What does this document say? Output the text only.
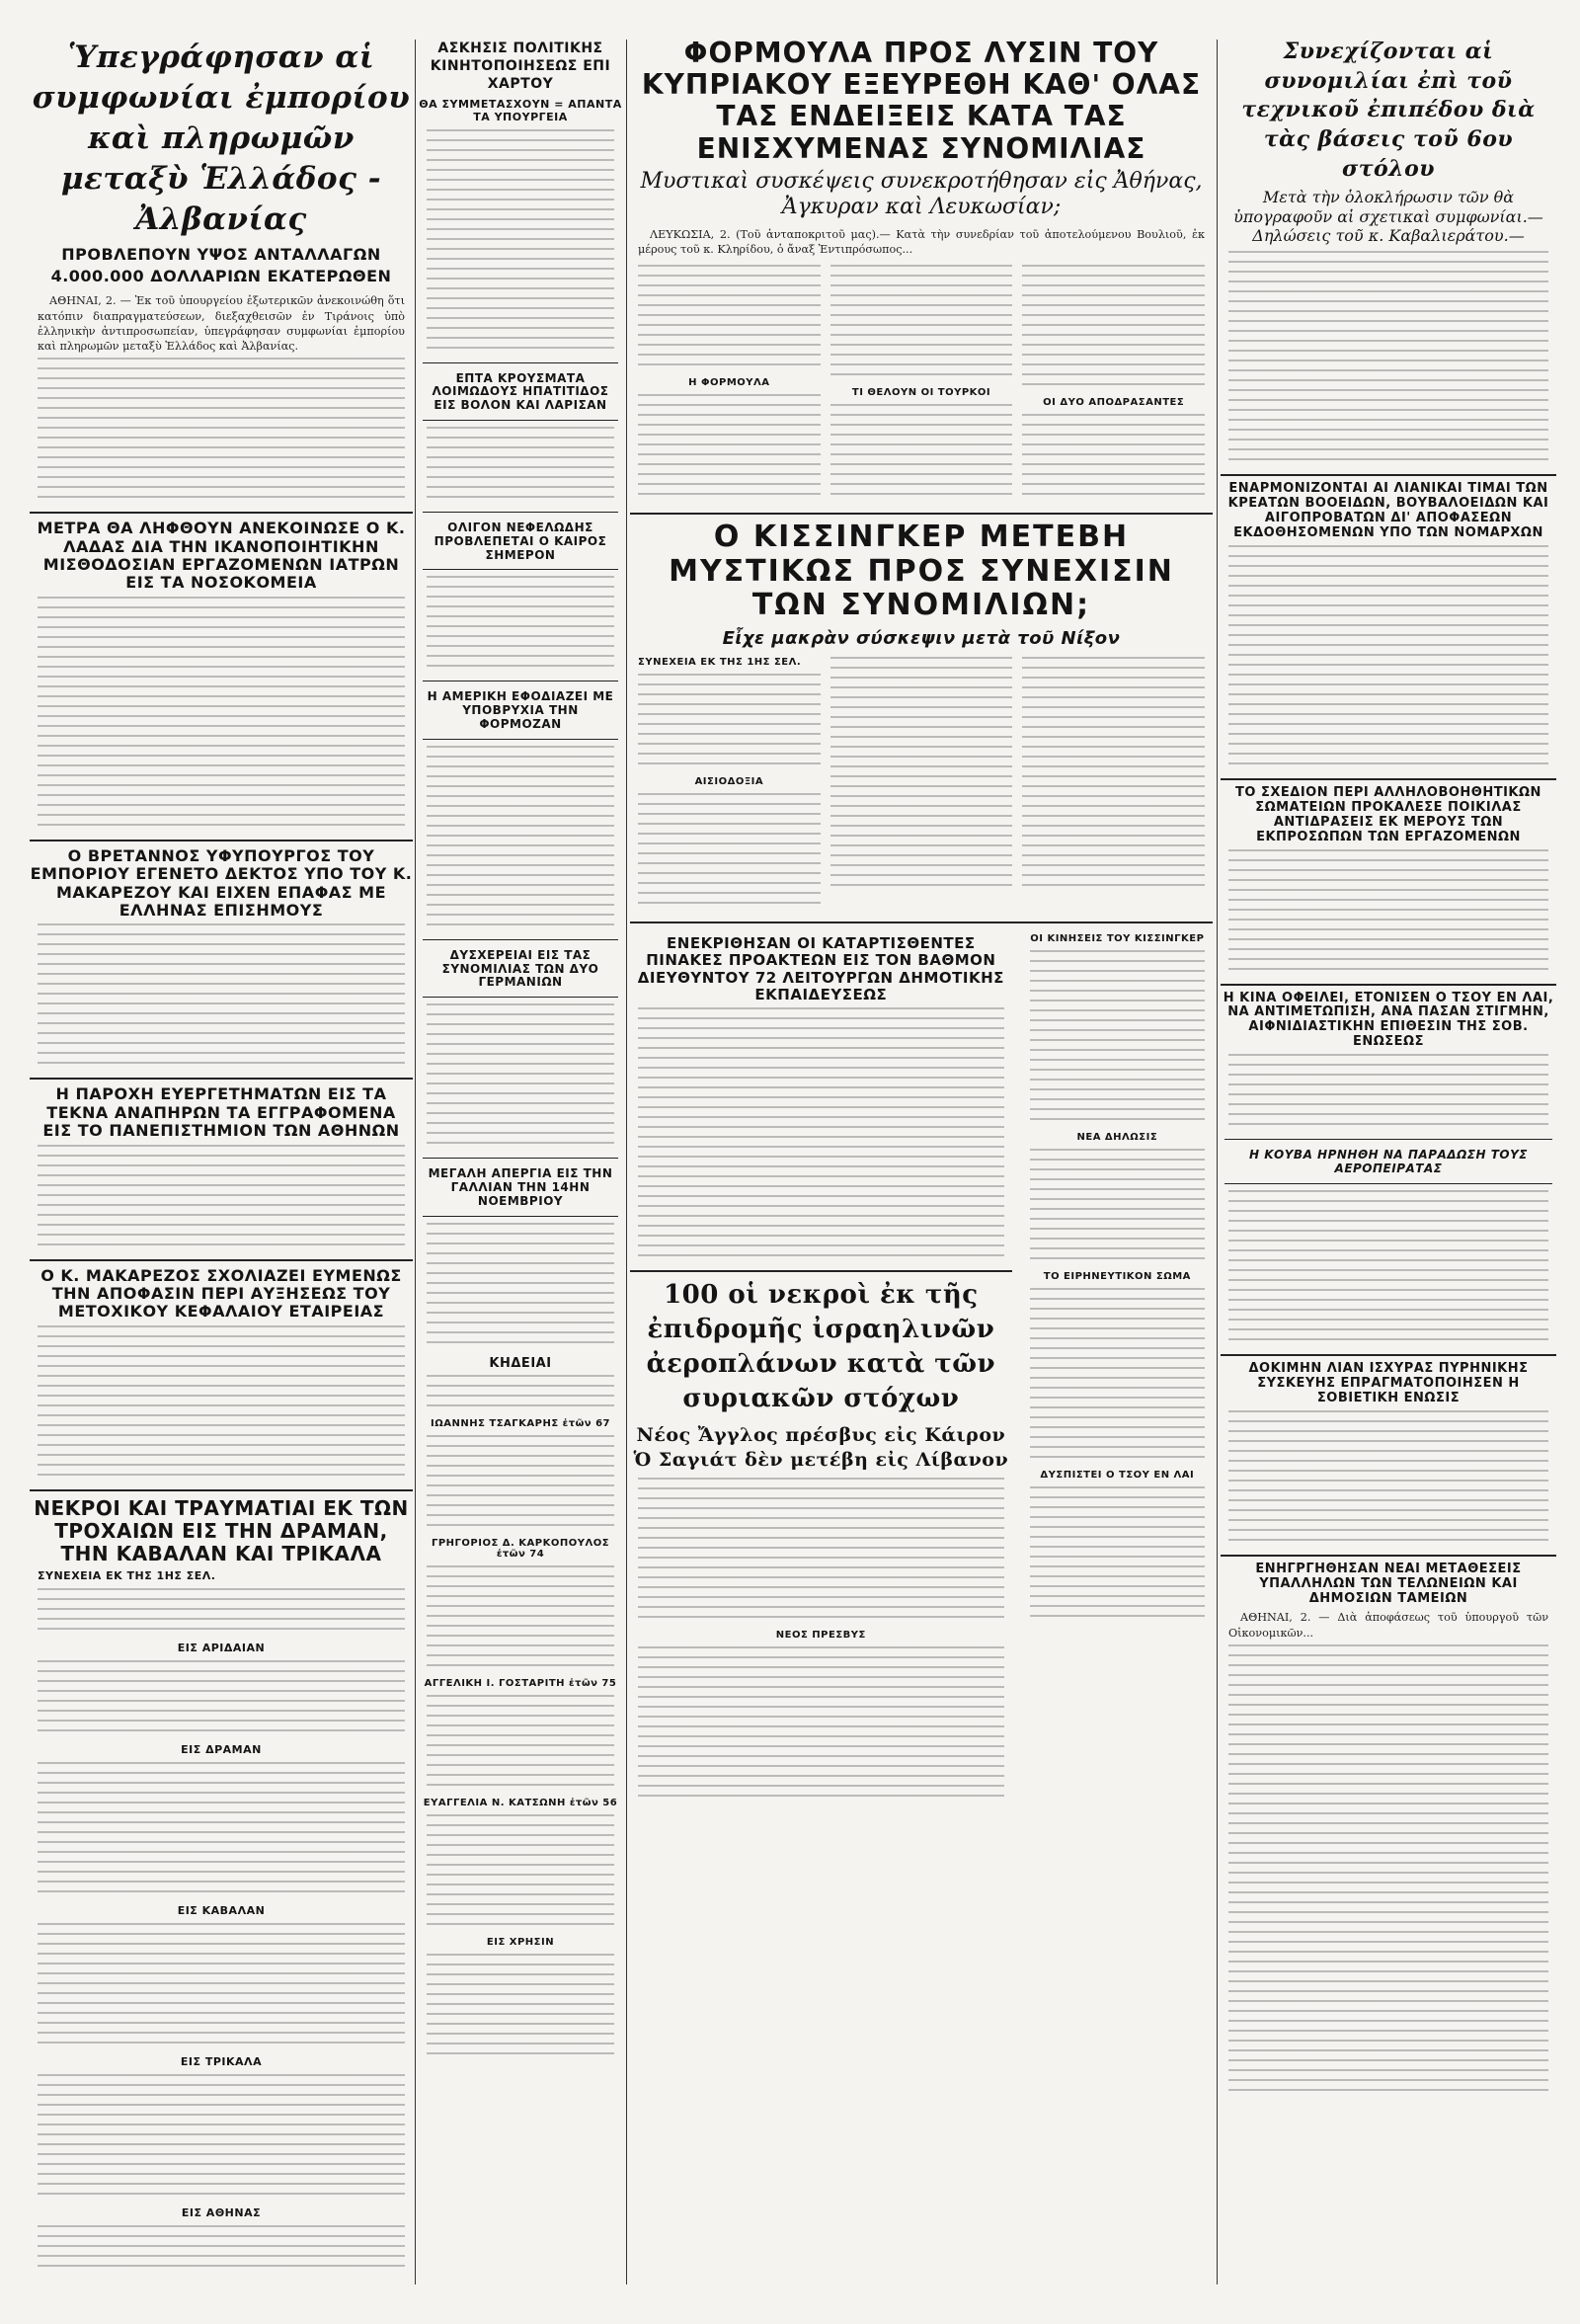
Ὑπεγράφησαν αἱ συμφωνίαι ἐμπορίου καὶ πληρωμῶν μεταξὺ Ἑλλάδος - Ἀλβανίας
ΠΡΟΒΛΕΠΟΥΝ ΥΨΟΣ ΑΝΤΑΛΛΑΓΩΝ 4.000.000 ΔΟΛΛΑΡΙΩΝ ΕΚΑΤΕΡΩΘΕΝ

ΑΘΗΝΑΙ, 2. — Ἐκ τοῦ ὑπουργείου ἐξωτερικῶν ἀνεκοινώθη ὅτι κατόπιν διαπραγματεύσεων, διεξαχθεισῶν ἐν Τιράνοις ὑπὸ ἑλληνικὴν ἀντιπροσωπείαν, ὑπεγράφησαν συμφωνίαι ἐμπορίου καὶ πληρωμῶν μεταξὺ Ἑλλάδος καὶ Ἀλβανίας.

ΜΕΤΡΑ ΘΑ ΛΗΦΘΟΥΝ ΑΝΕΚΟΙΝΩΣΕ Ο Κ. ΛΑΔΑΣ ΔΙΑ ΤΗΝ ΙΚΑΝΟΠΟΙΗΤΙΚΗΝ ΜΙΣΘΟΔΟΣΙΑΝ ΕΡΓΑΖΟΜΕΝΩΝ ΙΑΤΡΩΝ ΕΙΣ ΤΑ ΝΟΣΟΚΟΜΕΙΑ
Ο ΒΡΕΤΑΝΝΟΣ ΥΦΥΠΟΥΡΓΟΣ ΤΟΥ ΕΜΠΟΡΙΟΥ ΕΓΕΝΕΤΟ ΔΕΚΤΟΣ ΥΠΟ ΤΟΥ Κ. ΜΑΚΑΡΕΖΟΥ ΚΑΙ ΕΙΧΕΝ ΕΠΑΦΑΣ ΜΕ ΕΛΛΗΝΑΣ ΕΠΙΣΗΜΟΥΣ
Η ΠΑΡΟΧΗ ΕΥΕΡΓΕΤΗΜΑΤΩΝ ΕΙΣ ΤΑ ΤΕΚΝΑ ΑΝΑΠΗΡΩΝ ΤΑ ΕΓΓΡΑΦΟΜΕΝΑ ΕΙΣ ΤΟ ΠΑΝΕΠΙΣΤΗΜΙΟΝ ΤΩΝ ΑΘΗΝΩΝ
Ο Κ. ΜΑΚΑΡΕΖΟΣ ΣΧΟΛΙΑΖΕΙ ΕΥΜΕΝΩΣ ΤΗΝ ΑΠΟΦΑΣΙΝ ΠΕΡΙ ΑΥΞΗΣΕΩΣ ΤΟΥ ΜΕΤΟΧΙΚΟΥ ΚΕΦΑΛΑΙΟΥ ΕΤΑΙΡΕΙΑΣ
ΝΕΚΡΟΙ ΚΑΙ ΤΡΑΥΜΑΤΙΑΙ ΕΚ ΤΩΝ ΤΡΟΧΑΙΩΝ ΕΙΣ ΤΗΝ ΔΡΑΜΑΝ, ΤΗΝ ΚΑΒΑΛΑΝ ΚΑΙ ΤΡΙΚΑΛΑ
ΣΥΝΕΧΕΙΑ ΕΚ ΤΗΣ 1ΗΣ ΣΕΛ.
ΕΙΣ ΑΡΙΔΑΙΑΝ
ΕΙΣ ΔΡΑΜΑΝ
ΕΙΣ ΚΑΒΑΛΑΝ
ΕΙΣ ΤΡΙΚΑΛΑ
ΕΙΣ ΑΘΗΝΑΣ
ΑΣΚΗΣΙΣ ΠΟΛΙΤΙΚΗΣ ΚΙΝΗΤΟΠΟΙΗΣΕΩΣ ΕΠΙ ΧΑΡΤΟΥ
ΘΑ ΣΥΜΜΕΤΑΣΧΟΥΝ = ΑΠΑΝΤΑ ΤΑ ΥΠΟΥΡΓΕΙΑ
ΕΠΤΑ ΚΡΟΥΣΜΑΤΑ ΛΟΙΜΩΔΟΥΣ ΗΠΑΤΙΤΙΔΟΣ ΕΙΣ ΒΟΛΟΝ ΚΑΙ ΛΑΡΙΣΑΝ
ΟΛΙΓΟΝ ΝΕΦΕΛΩΔΗΣ ΠΡΟΒΛΕΠΕΤΑΙ Ο ΚΑΙΡΟΣ ΣΗΜΕΡΟΝ
Η ΑΜΕΡΙΚΗ ΕΦΟΔΙΑΖΕΙ ΜΕ ΥΠΟΒΡΥΧΙΑ ΤΗΝ ΦΟΡΜΟΖΑΝ
ΔΥΣΧΕΡΕΙΑΙ ΕΙΣ ΤΑΣ ΣΥΝΟΜΙΛΙΑΣ ΤΩΝ ΔΥΟ ΓΕΡΜΑΝΙΩΝ
ΜΕΓΑΛΗ ΑΠΕΡΓΙΑ ΕΙΣ ΤΗΝ ΓΑΛΛΙΑΝ ΤΗΝ 14ΗΝ ΝΟΕΜΒΡΙΟΥ
ΚΗΔΕΙΑΙ
ΙΩΑΝΝΗΣ ΤΣΑΓΚΑΡΗΣ ἐτῶν 67
ΓΡΗΓΟΡΙΟΣ Δ. ΚΑΡΚΟΠΟΥΛΟΣ ἐτῶν 74
ΑΓΓΕΛΙΚΗ Ι. ΓΟΣΤΑΡΙΤΗ ἐτῶν 75
ΕΥΑΓΓΕΛΙΑ Ν. ΚΑΤΣΩΝΗ ἐτῶν 56
ΕΙΣ ΧΡΗΣΙΝ
ΦΟΡΜΟΥΛΑ ΠΡΟΣ ΛΥΣΙΝ ΤΟΥ ΚΥΠΡΙΑΚΟΥ ΕΞΕΥΡΕΘΗ ΚΑΘ' ΟΛΑΣ ΤΑΣ ΕΝΔΕΙΞΕΙΣ ΚΑΤΑ ΤΑΣ ΕΝΙΣΧΥΜΕΝΑΣ ΣΥΝΟΜΙΛΙΑΣ
Μυστικαὶ συσκέψεις συνεκροτήθησαν εἰς Ἀθήνας, Ἀγκυραν καὶ Λευκωσίαν;

ΛΕΥΚΩΣΙΑ, 2. (Τοῦ ἀνταποκριτοῦ μας).— Κατὰ τὴν συνεδρίαν τοῦ ἀποτελούμενου Βουλιοῦ, ἐκ μέρους τοῦ κ. Κληρίδου, ὁ ἄναξ Ἐντιπρόσωπος...

Η ΦΟΡΜΟΥΛΑ
ΤΙ ΘΕΛΟΥΝ ΟΙ ΤΟΥΡΚΟΙ
ΟΙ ΔΥΟ ΑΠΟΔΡΑΣΑΝΤΕΣ
Ο ΚΙΣΣΙΝΓΚΕΡ ΜΕΤΕΒΗ ΜΥΣΤΙΚΩΣ ΠΡΟΣ ΣΥΝΕΧΙΣΙΝ ΤΩΝ ΣΥΝΟΜΙΛΙΩΝ;
Εἶχε μακρὰν σύσκεψιν μετὰ τοῦ Νίξον
ΣΥΝΕΧΕΙΑ ΕΚ ΤΗΣ 1ΗΣ ΣΕΛ.
ΑΙΣΙΟΔΟΞΙΑ
ΕΝΕΚΡΙΘΗΣΑΝ ΟΙ ΚΑΤΑΡΤΙΣΘΕΝΤΕΣ ΠΙΝΑΚΕΣ ΠΡΟΑΚΤΕΩΝ ΕΙΣ ΤΟΝ ΒΑΘΜΟΝ ΔΙΕΥΘΥΝΤΟΥ 72 ΛΕΙΤΟΥΡΓΩΝ ΔΗΜΟΤΙΚΗΣ ΕΚΠΑΙΔΕΥΣΕΩΣ
100 οἱ νεκροὶ ἐκ τῆς ἐπιδρομῆς ἰσραηλινῶν ἀεροπλάνων κατὰ τῶν συριακῶν στόχων
Νέος Ἄγγλος πρέσβυς εἰς Κάιρον Ὁ Σαγιάτ δὲν μετέβη εἰς Λίβανον
ΝΕΟΣ ΠΡΕΣΒΥΣ
ΟΙ ΚΙΝΗΣΕΙΣ ΤΟΥ ΚΙΣΣΙΝΓΚΕΡ
ΝΕΑ ΔΗΛΩΣΙΣ
ΤΟ ΕΙΡΗΝΕΥΤΙΚΟΝ ΣΩΜΑ
ΔΥΣΠΙΣΤΕΙ Ο ΤΣΟΥ ΕΝ ΛΑΙ
Συνεχίζονται αἱ συνομιλίαι ἐπὶ τοῦ τεχνικοῦ ἐπιπέδου διὰ τὰς βάσεις τοῦ 6ου στόλου
Μετὰ τὴν ὁλοκλήρωσιν τῶν θὰ ὑπογραφοῦν αἱ σχετικαὶ συμφωνίαι.— Δηλώσεις τοῦ κ. Καβαλιεράτου.—
ΕΝΑΡΜΟΝΙΖΟΝΤΑΙ ΑΙ ΛΙΑΝΙΚΑΙ ΤΙΜΑΙ ΤΩΝ ΚΡΕΑΤΩΝ ΒΟΟΕΙΔΩΝ, ΒΟΥΒΑΛΟΕΙΔΩΝ ΚΑΙ ΑΙΓΟΠΡΟΒΑΤΩΝ ΔΙ' ΑΠΟΦΑΣΕΩΝ ΕΚΔΟΘΗΣΟΜΕΝΩΝ ΥΠΟ ΤΩΝ ΝΟΜΑΡΧΩΝ
ΤΟ ΣΧΕΔΙΟΝ ΠΕΡΙ ΑΛΛΗΛΟΒΟΗΘΗΤΙΚΩΝ ΣΩΜΑΤΕΙΩΝ ΠΡΟΚΑΛΕΣΕ ΠΟΙΚΙΛΑΣ ΑΝΤΙΔΡΑΣΕΙΣ ΕΚ ΜΕΡΟΥΣ ΤΩΝ ΕΚΠΡΟΣΩΠΩΝ ΤΩΝ ΕΡΓΑΖΟΜΕΝΩΝ
Η ΚΙΝΑ ΟΦΕΙΛΕΙ, ΕΤΟΝΙΣΕΝ Ο ΤΣΟΥ ΕΝ ΛΑΙ, ΝΑ ΑΝΤΙΜΕΤΩΠΙΣΗ, ΑΝΑ ΠΑΣΑΝ ΣΤΙΓΜΗΝ, ΑΙΦΝΙΔΙΑΣΤΙΚΗΝ ΕΠΙΘΕΣΙΝ ΤΗΣ ΣΟΒ. ΕΝΩΣΕΩΣ
Η ΚΟΥΒΑ ΗΡΝΗΘΗ ΝΑ ΠΑΡΑΔΩΣΗ ΤΟΥΣ ΑΕΡΟΠΕΙΡΑΤΑΣ
ΔΟΚΙΜΗΝ ΛΙΑΝ ΙΣΧΥΡΑΣ ΠΥΡΗΝΙΚΗΣ ΣΥΣΚΕΥΗΣ ΕΠΡΑΓΜΑΤΟΠΟΙΗΣΕΝ Η ΣΟΒΙΕΤΙΚΗ ΕΝΩΣΙΣ
ΕΝΗΓΡΓΗΘΗΣΑΝ ΝΕΑΙ ΜΕΤΑΘΕΣΕΙΣ ΥΠΑΛΛΗΛΩΝ ΤΩΝ ΤΕΛΩΝΕΙΩΝ ΚΑΙ ΔΗΜΟΣΙΩΝ ΤΑΜΕΙΩΝ

ΑΘΗΝΑΙ, 2. — Διὰ ἀποφάσεως τοῦ ὑπουργοῦ τῶν Οἰκονομικῶν...
